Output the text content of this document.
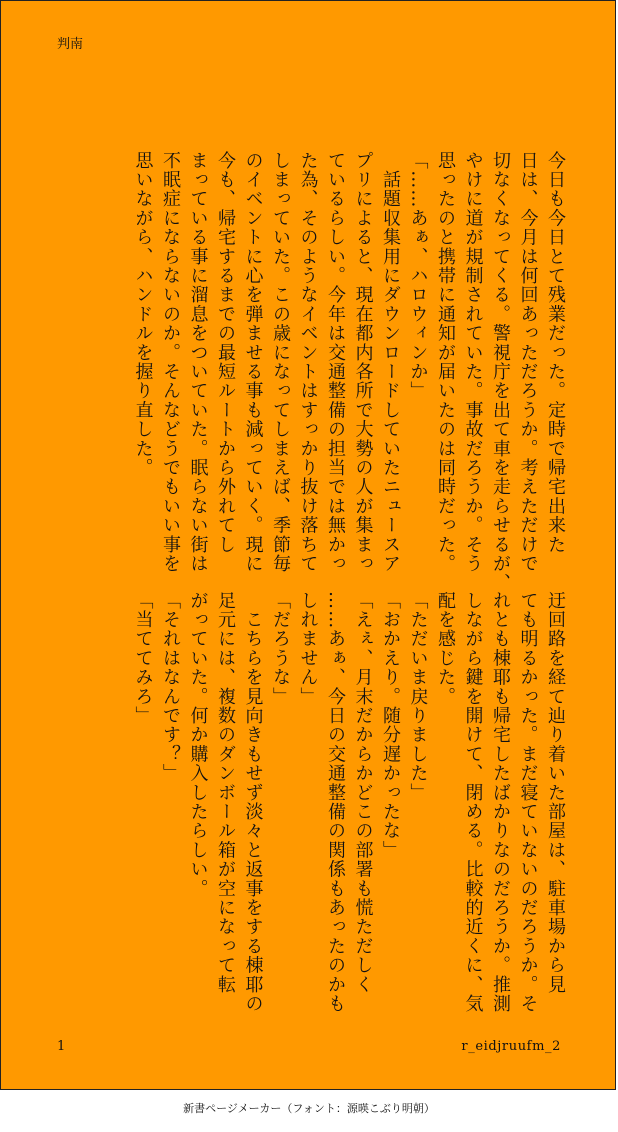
判南
今日も今日とて残業だった。定時で帰宅出来た
日は、今月は何回あっただろうか。考えただけで
切なくなってくる。警視庁を出て車を走らせるが、
やけに道が規制されていた。事故だろうか。そう
思ったのと携帯に通知が届いたのは同時だった。
「……あぁ、ハロウィンか」
　話題収集用にダウンロードしていたニュースア
プリによると、現在都内各所で大勢の人が集まっ
ているらしい。今年は交通整備の担当では無かっ
た為、そのようなイベントはすっかり抜け落ちて
しまっていた。この歳になってしまえば、季節毎
のイベントに心を弾ませる事も減っていく。現に
今も、帰宅するまでの最短ルートから外れてし
まっている事に溜息をついていた。眠らない街は
不眠症にならないのか。そんなどうでもいい事を
思いながら、ハンドルを握り直した。
迂回路を経て辿り着いた部屋は、駐車場から見
ても明るかった。まだ寝ていないのだろうか。そ
れとも棟耶も帰宅したばかりなのだろうか。推測
しながら鍵を開けて、閉める。比較的近くに、気
配を感じた。
「ただいま戻りました」
「おかえり。随分遅かったな」
「えぇ、月末だからかどこの部署も慌ただしく
……あぁ、今日の交通整備の関係もあったのかも
しれません」
「だろうな」
　こちらを見向きもせず淡々と返事をする棟耶の
足元には、複数のダンボール箱が空になって転
がっていた。何か購入したらしい。
「それはなんです？」
「当ててみろ」
1	r_eidjruufm_2
新書ページメーカー（フォント：源暎こぶり明朝）
